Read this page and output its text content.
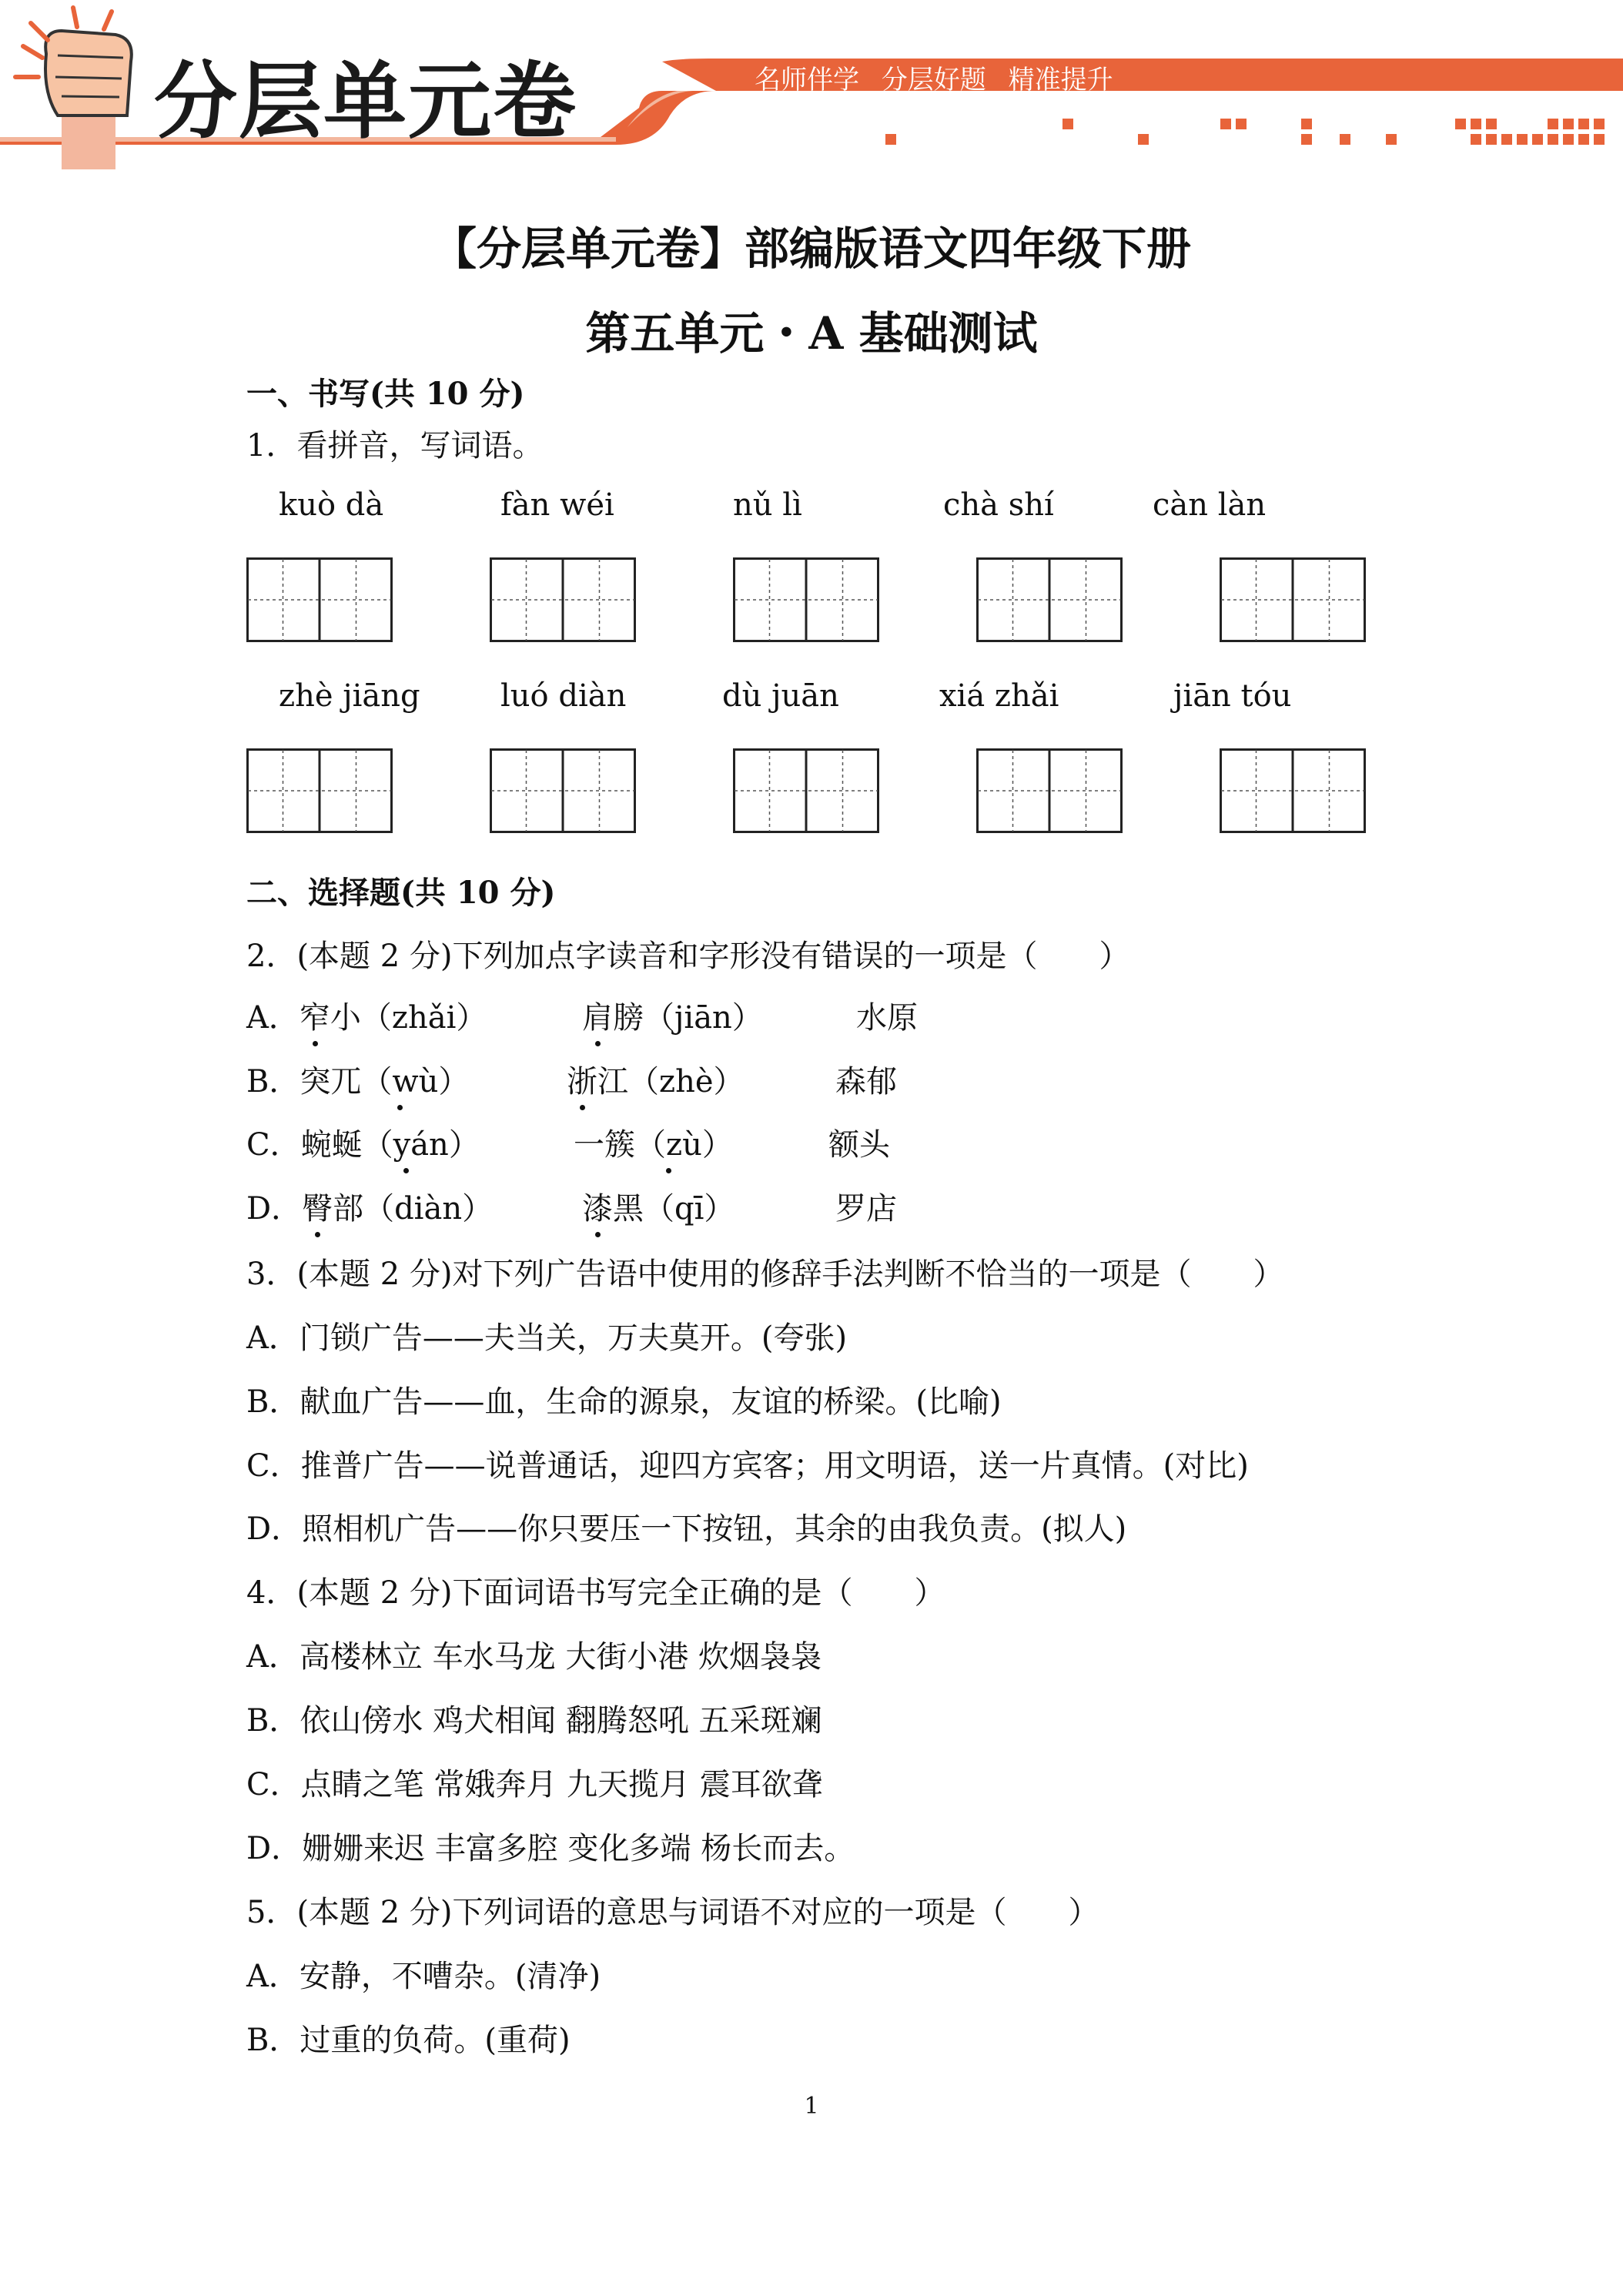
分层单元卷	名师伴学 分层好题 精准提升
【分层单元卷】部编版语文四年级下册
第五单元・A 基础测试
一、书写(共 10 分)
1．看拼音，写词语。
kuò dà	fàn wéi	nǔ lì	chà shí	càn làn
zhè jiāng	luó diàn	dù juān	xiá zhǎi	jiān tóu
二、选择题(共 10 分)
2．(本题 2 分)下列加点字读音和字形没有错误的一项是（　　）
A．窄小（zhǎi）	肩膀（jiān）	水原
B．突兀（wù）	浙江（zhè）	森郁
C．蜿蜒（yán）	一簇（zù）	额头
D．臀部（diàn）	漆黑（qī）	罗店
3．(本题 2 分)对下列广告语中使用的修辞手法判断不恰当的一项是（　　）
A．门锁广告——夫当关，万夫莫开。(夸张)
B．献血广告——血，生命的源泉，友谊的桥梁。(比喻)
C．推普广告——说普通话，迎四方宾客；用文明语，送一片真情。(对比)
D．照相机广告——你只要压一下按钮，其余的由我负责。(拟人)
4．(本题 2 分)下面词语书写完全正确的是（　　）
A．高楼林立 车水马龙 大街小港 炊烟袅袅
B．依山傍水 鸡犬相闻 翻腾怒吼 五采斑斓
C．点睛之笔 常娥奔月 九天揽月 震耳欲聋
D．姗姗来迟 丰富多腔 变化多端 杨长而去。
5．(本题 2 分)下列词语的意思与词语不对应的一项是（　　）
A．安静，不嘈杂。(清净)
B．过重的负荷。(重荷)
1
